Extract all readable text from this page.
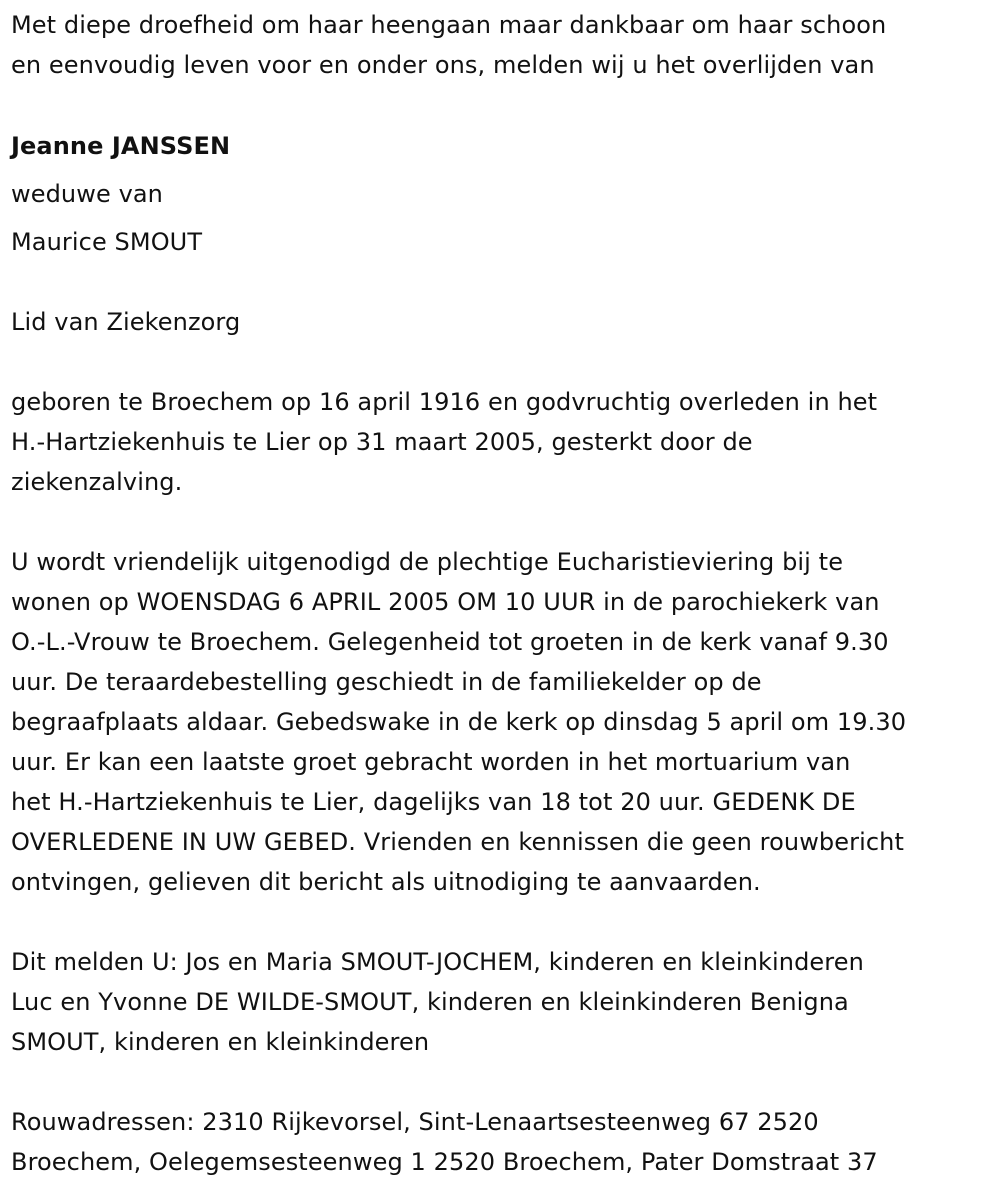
Met diepe droefheid om haar heengaan maar dankbaar om haar schoon
en eenvoudig leven voor en onder ons, melden wij u het overlijden van
Jeanne JANSSEN
weduwe van
Maurice SMOUT
Lid van Ziekenzorg
geboren te Broechem op 16 april 1916 en godvruchtig overleden in het
H.-Hartziekenhuis te Lier op 31 maart 2005, gesterkt door de
ziekenzalving.
U wordt vriendelijk uitgenodigd de plechtige Eucharistieviering bij te
wonen op WOENSDAG 6 APRIL 2005 OM 10 UUR in de parochiekerk van
O.-L.-Vrouw te Broechem. Gelegenheid tot groeten in de kerk vanaf 9.30
uur. De teraardebestelling geschiedt in de familiekelder op de
begraafplaats aldaar. Gebedswake in de kerk op dinsdag 5 april om 19.30
uur. Er kan een laatste groet gebracht worden in het mortuarium van
het H.-Hartziekenhuis te Lier, dagelijks van 18 tot 20 uur. GEDENK DE
OVERLEDENE IN UW GEBED. Vrienden en kennissen die geen rouwbericht
ontvingen, gelieven dit bericht als uitnodiging te aanvaarden.
Dit melden U: Jos en Maria SMOUT-JOCHEM, kinderen en kleinkinderen
Luc en Yvonne DE WILDE-SMOUT, kinderen en kleinkinderen Benigna
SMOUT, kinderen en kleinkinderen
Rouwadressen: 2310 Rijkevorsel, Sint-Lenaartsesteenweg 67 2520
Broechem, Oelegemsesteenweg 1 2520 Broechem, Pater Domstraat 37
